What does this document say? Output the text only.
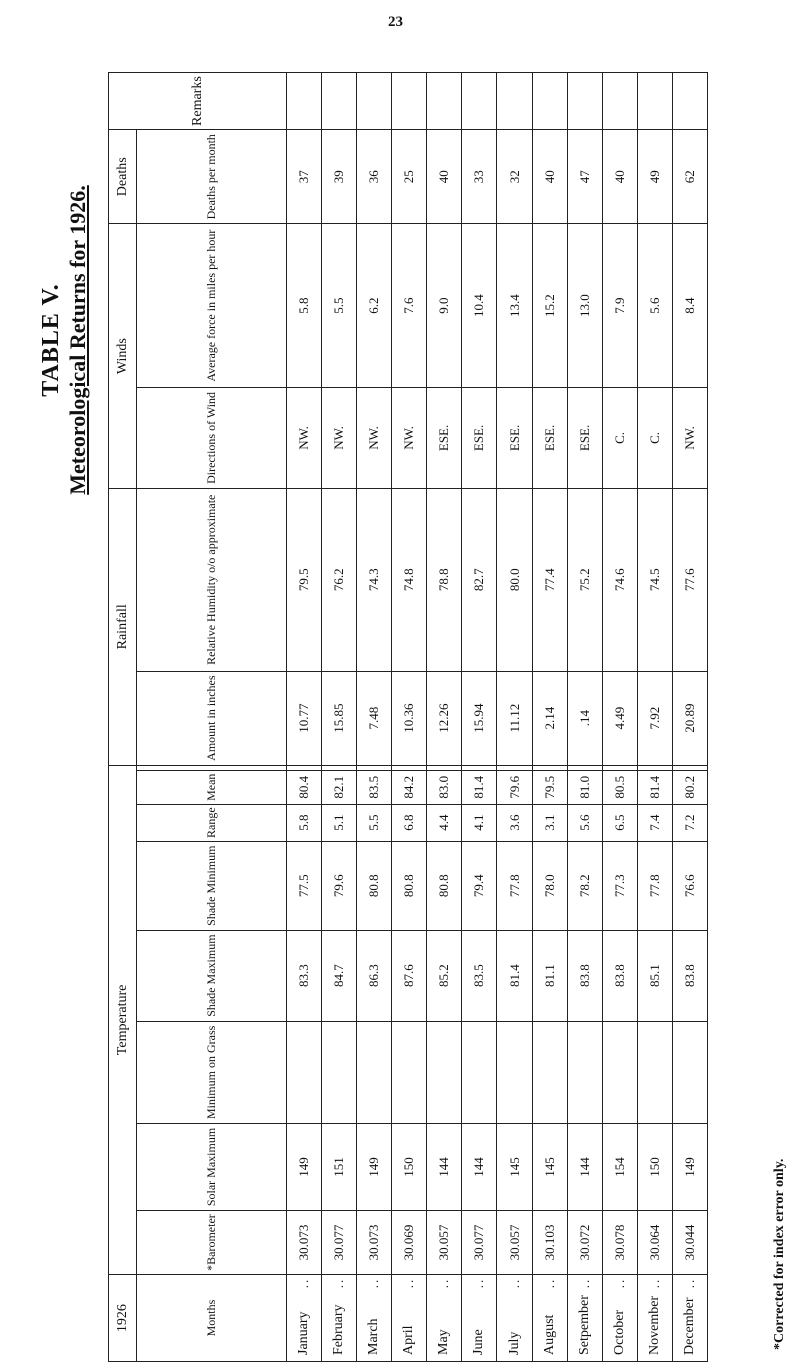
23
TABLE V. Meteorological Returns for 1926.
1926		Temperature								Rainfall		Winds		Deaths	Remarks
Months		*Barometer	Solar Maximum	Minimum on Grass	Shade Maximum	Shade Minimum	Range	Mean		Amount in inches	Relative Humidity o/o approximate	Directions of Wind	Average force in miles per hour	Deaths per month	
January	..	30.073	149		83.3	77.5	5.8	80.4		10.77	79.5	NW.	5.8	37	
February	..	30.077	151		84.7	79.6	5.1	82.1		15.85	76.2	NW.	5.5	39	
March	..	30.073	149		86.3	80.8	5.5	83.5		7.48	74.3	NW.	6.2	36	
April	..	30.069	150		87.6	80.8	6.8	84.2		10.36	74.8	NW.	7.6	25	
May	..	30.057	144		85.2	80.8	4.4	83.0		12.26	78.8	ESE.	9.0	40	
June	..	30.077	144		83.5	79.4	4.1	81.4		15.94	82.7	ESE.	10.4	33	
July	..	30.057	145		81.4	77.8	3.6	79.6		11.12	80.0	ESE.	13.4	32	
August	..	30.103	145		81.1	78.0	3.1	79.5		2.14	77.4	ESE.	15.2	40	
Setpember	..	30.072	144		83.8	78.2	5.6	81.0		.14	75.2	ESE.	13.0	47	
October	..	30.078	154		83.8	77.3	6.5	80.5		4.49	74.6	C.	7.9	40	
November	..	30.064	150		85.1	77.8	7.4	81.4		7.92	74.5	C.	5.6	49	
December	..	30.044	149		83.8	76.6	7.2	80.2		20.89	77.6	NW.	8.4	62	
*Corrected for index error only.
